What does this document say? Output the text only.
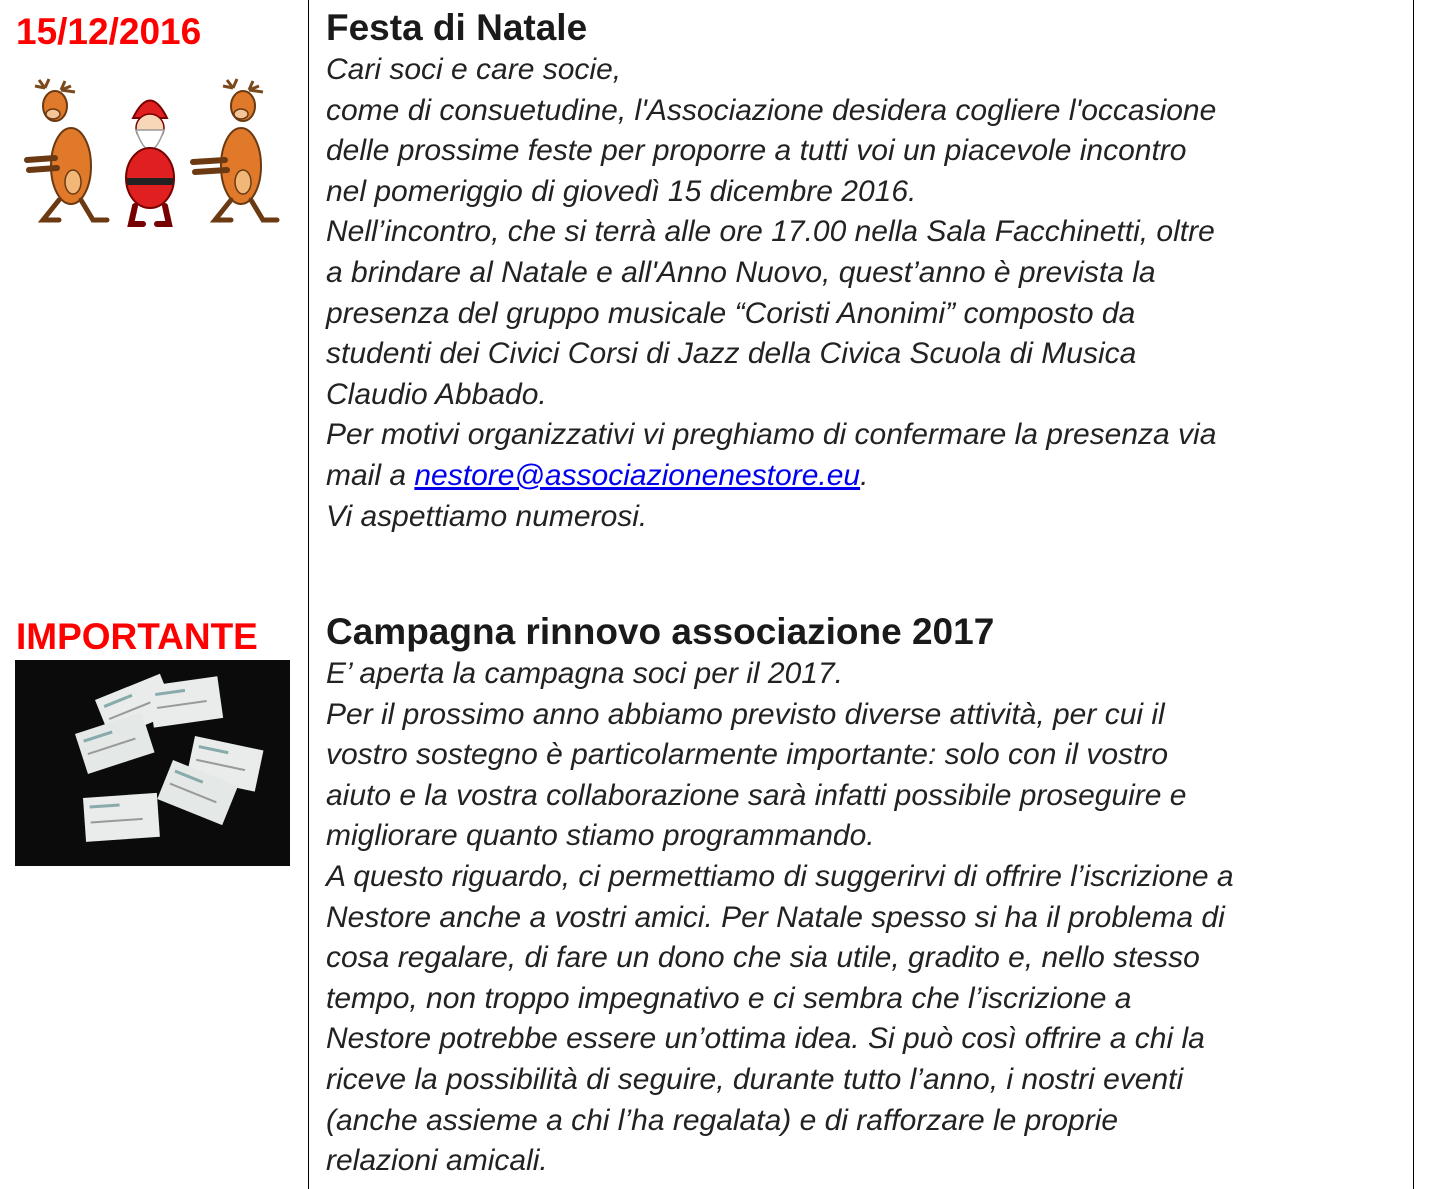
15/12/2016	Festa di Natale

Cari soci e care socie,

come di consuetudine, l'Associazione desidera cogliere l'occasione

delle prossime feste per proporre a tutti voi un piacevole incontro

nel pomeriggio di giovedì 15 dicembre 2016.

Nell’incontro, che si terrà alle ore 17.00 nella Sala Facchinetti, oltre

a brindare al Natale e all'Anno Nuovo, quest’anno è prevista la

presenza del gruppo musicale “Coristi Anonimi” composto da

studenti dei Civici Corsi di Jazz della Civica Scuola di Musica

Claudio Abbado.

Per motivi organizzativi vi preghiamo di confermare la presenza via

mail a nestore@associazionenestore.eu.

Vi aspettiamo numerosi.

IMPORTANTE Campagna rinnovo associazione 2017

E’ aperta la campagna soci per il 2017.

Per il prossimo anno abbiamo previsto diverse attività, per cui il

vostro sostegno è particolarmente importante: solo con il vostro

aiuto e la vostra collaborazione sarà infatti possibile proseguire e

migliorare quanto stiamo programmando.

A questo riguardo, ci permettiamo di suggerirvi di offrire l’iscrizione a

Nestore anche a vostri amici. Per Natale spesso si ha il problema di

cosa regalare, di fare un dono che sia utile, gradito e, nello stesso

tempo, non troppo impegnativo e ci sembra che l’iscrizione a

Nestore potrebbe essere un’ottima idea. Si può così offrire a chi la

riceve la possibilità di seguire, durante tutto l’anno, i nostri eventi

(anche assieme a chi l’ha regalata) e di rafforzare le proprie

relazioni amicali.
